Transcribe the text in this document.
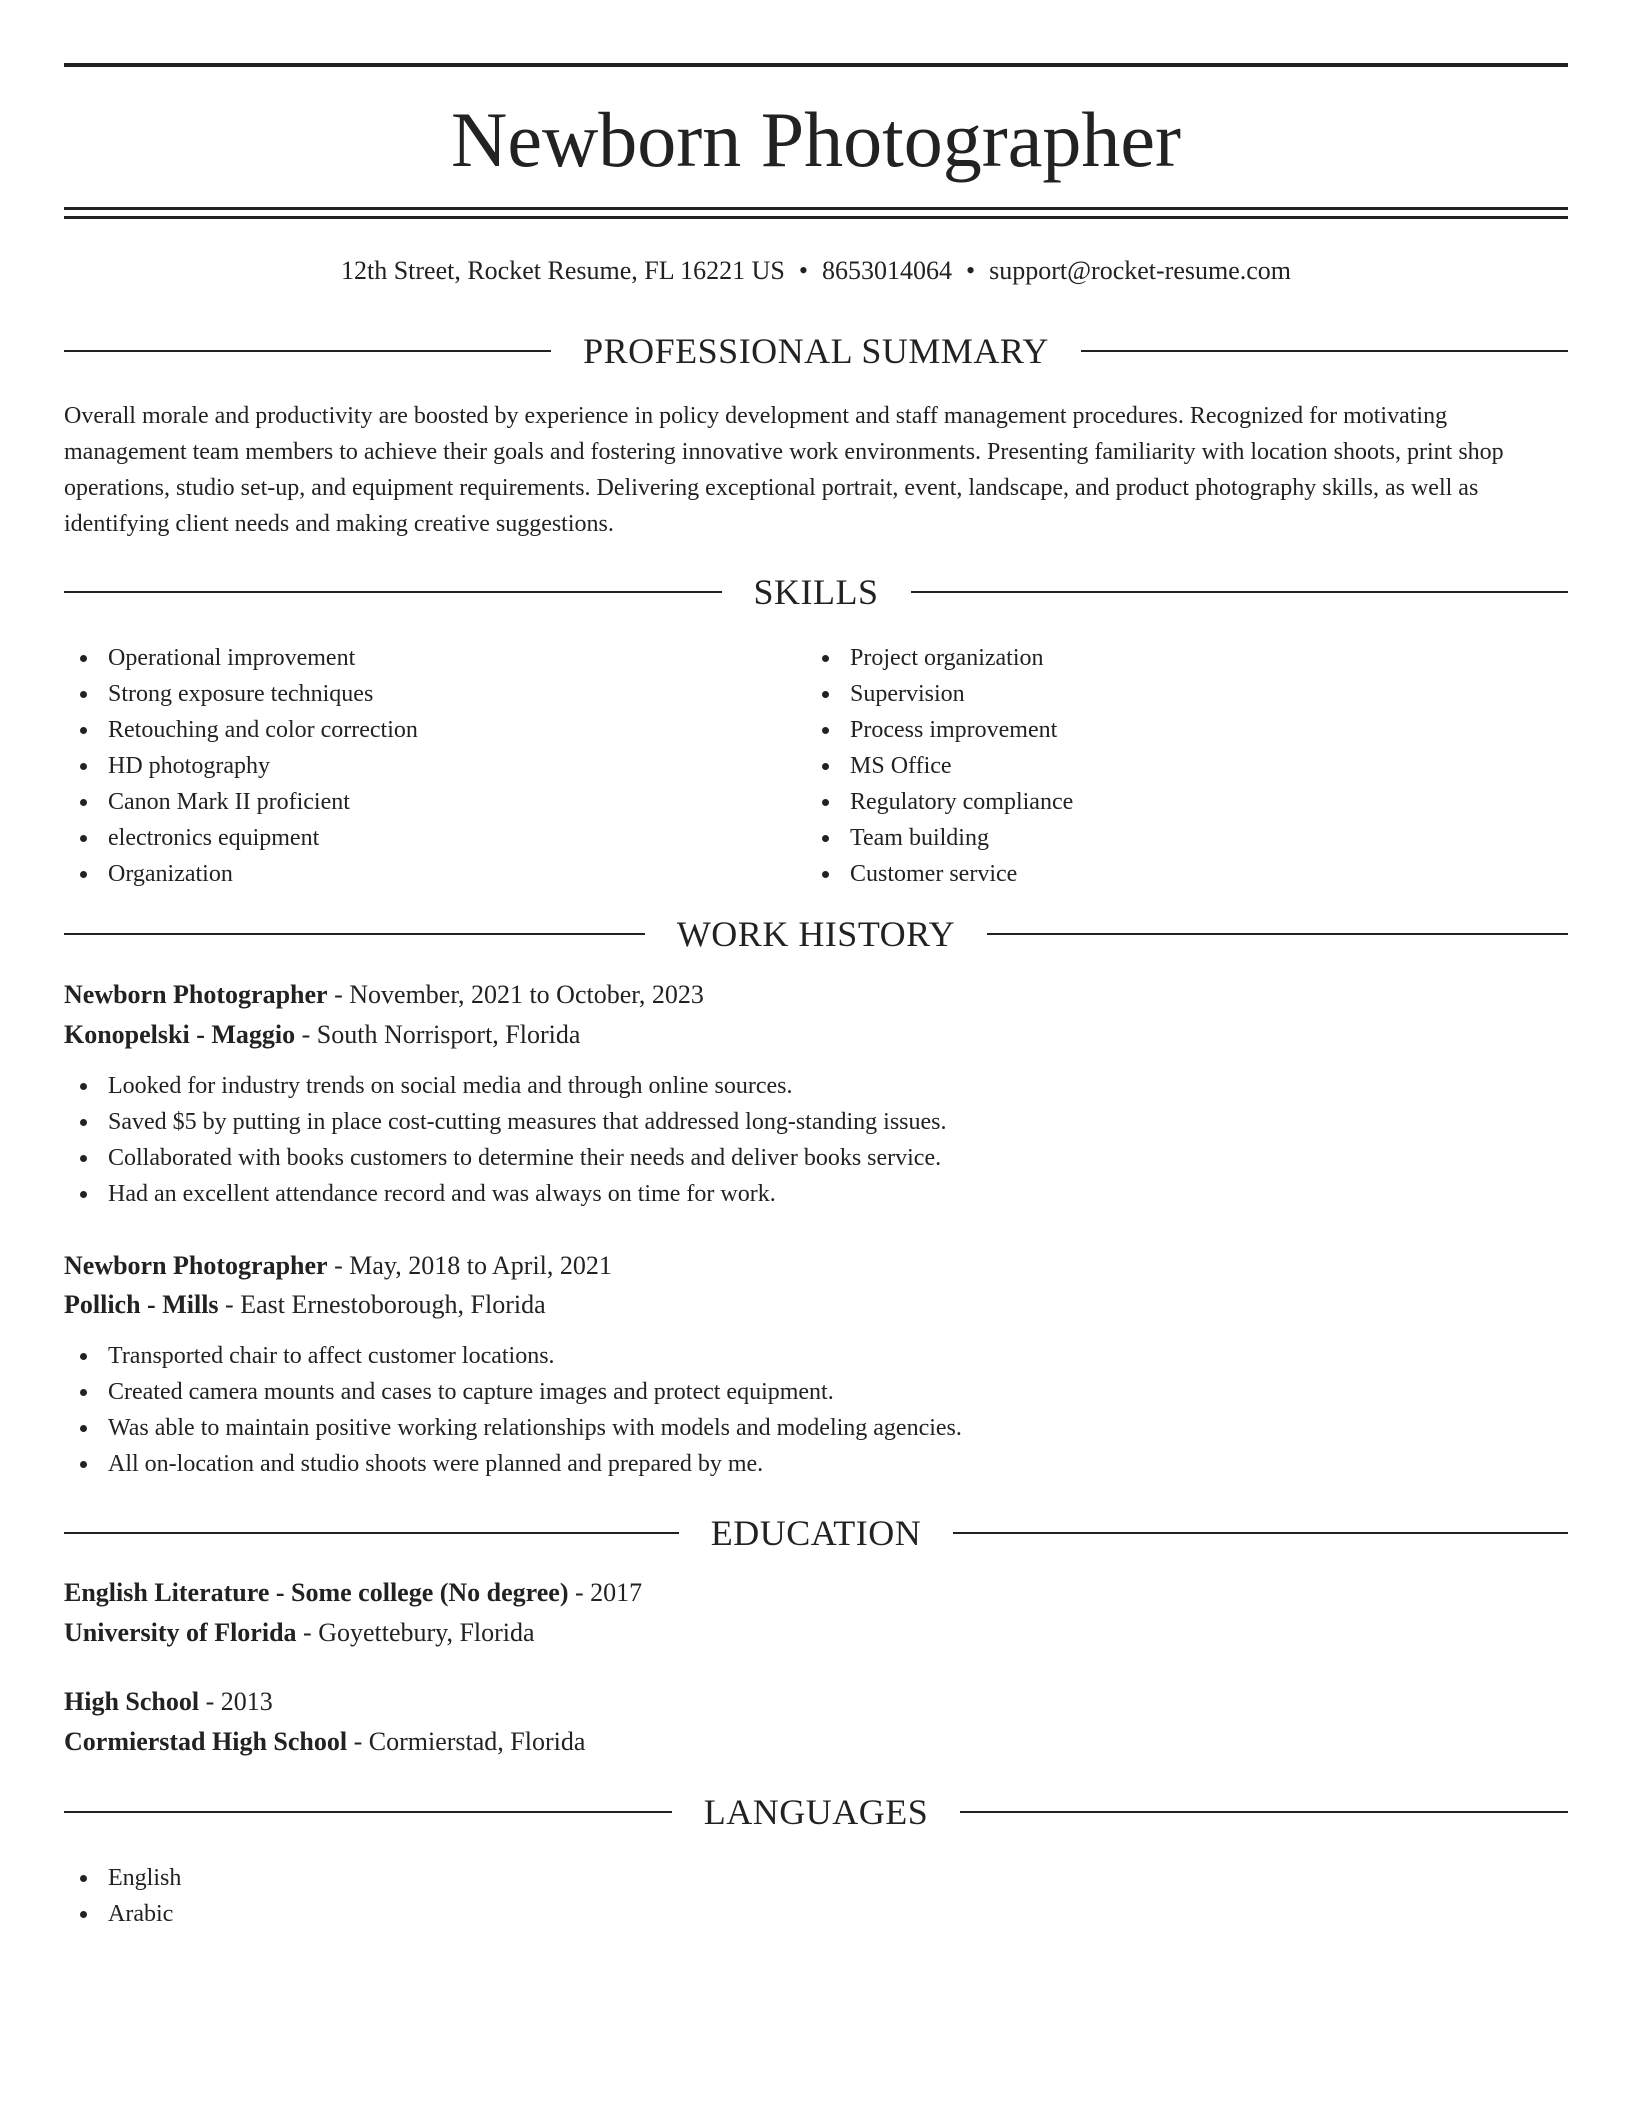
Newborn Photographer
12th Street, Rocket Resume, FL 16221 US • 8653014064 • support@rocket-resume.com
PROFESSIONAL SUMMARY

Overall morale and productivity are boosted by experience in policy development and staff management procedures. Recognized for motivating management team members to achieve their goals and fostering innovative work environments. Presenting familiarity with location shoots, print shop operations, studio set-up, and equipment requirements. Delivering exceptional portrait, event, landscape, and product photography skills, as well as identifying client needs and making creative suggestions.

SKILLS
Operational improvement
Strong exposure techniques
Retouching and color correction
HD photography
Canon Mark II proficient
electronics equipment
Organization
Project organization
Supervision
Process improvement
MS Office
Regulatory compliance
Team building
Customer service
WORK HISTORY
Newborn Photographer - November, 2021 to October, 2023
Konopelski - Maggio - South Norrisport, Florida
Looked for industry trends on social media and through online sources.
Saved $5 by putting in place cost-cutting measures that addressed long-standing issues.
Collaborated with books customers to determine their needs and deliver books service.
Had an excellent attendance record and was always on time for work.
Newborn Photographer - May, 2018 to April, 2021
Pollich - Mills - East Ernestoborough, Florida
Transported chair to affect customer locations.
Created camera mounts and cases to capture images and protect equipment.
Was able to maintain positive working relationships with models and modeling agencies.
All on-location and studio shoots were planned and prepared by me.
EDUCATION
English Literature - Some college (No degree) - 2017
University of Florida - Goyettebury, Florida
High School - 2013
Cormierstad High School - Cormierstad, Florida
LANGUAGES
English
Arabic
